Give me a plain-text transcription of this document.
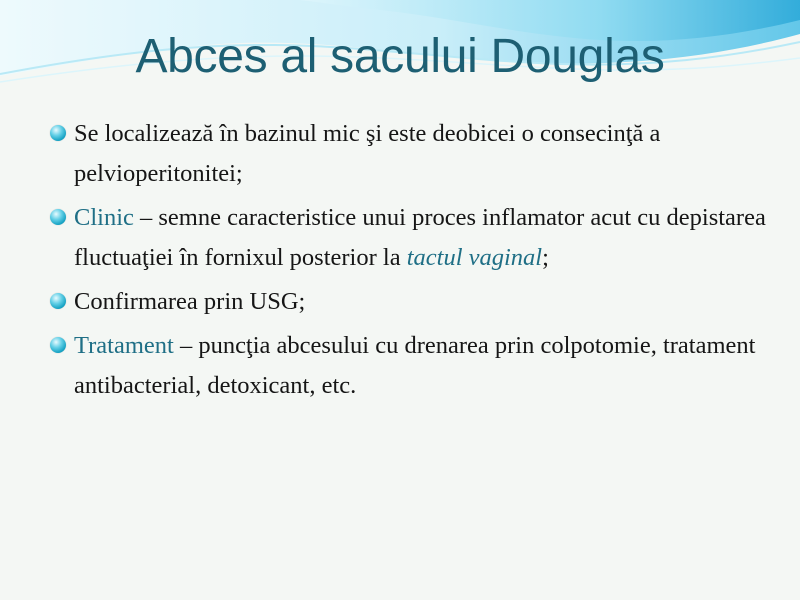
Abces al sacului Douglas
Se localizează în bazinul mic şi este deobicei o consecinţă a pelvioperitonitei;
Clinic – semne caracteristice unui proces inflamator acut cu depistarea fluctuaţiei în fornixul posterior la tactul vaginal;
Confirmarea prin USG;
Tratament – puncţia abcesului cu drenarea prin colpotomie, tratament antibacterial, detoxicant, etc.
